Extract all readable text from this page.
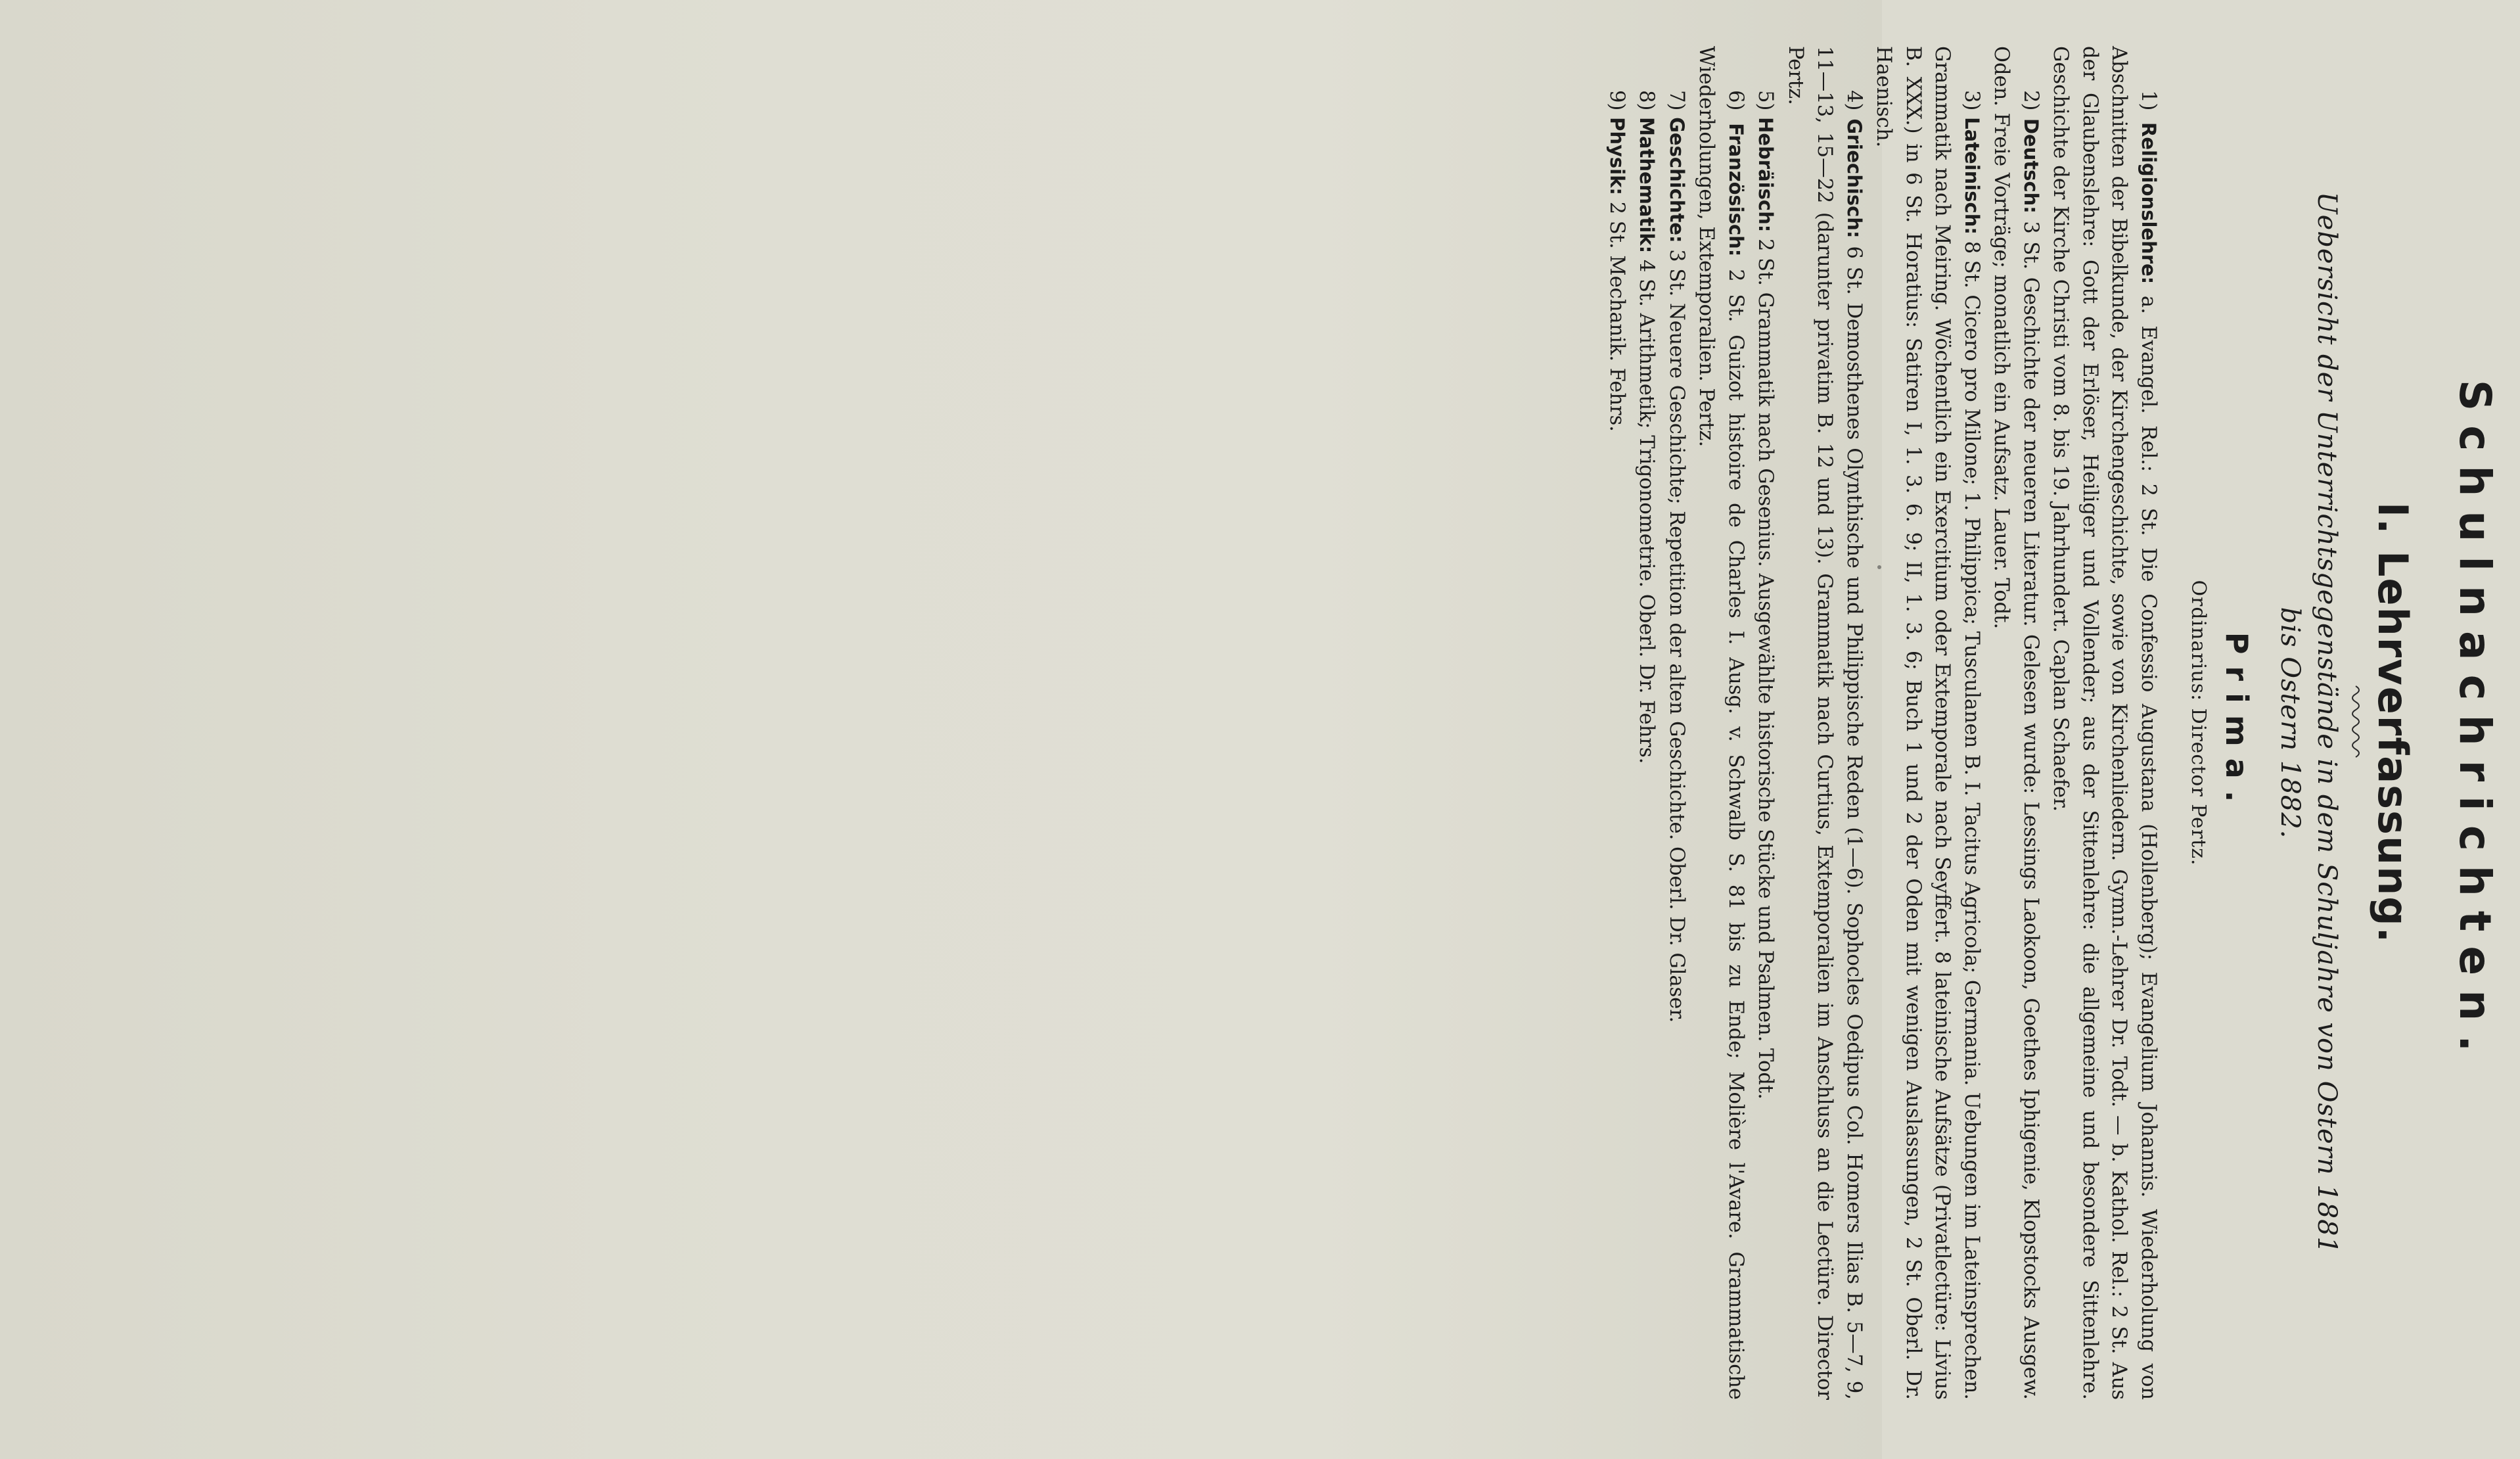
Schulnachrichten.
I. Lehrverfassung.
Uebersicht der Unterrichtsgegenstände in dem Schuljahre von Ostern 1881
bis Ostern 1882.
Prima.
Ordinarius: Director Pertz.

1) Religionslehre: a. Evangel. Rel.: 2 St. Die Confessio Augustana (Hollenberg); Evangelium Johannis. Wiederholung von Abschnitten der Bibelkunde, der Kirchengeschichte, sowie von Kirchenliedern. Gymn.-Lehrer Dr. Todt. — b. Kathol. Rel.: 2 St. Aus der Glaubenslehre: Gott der Erlöser, Heiliger und Vollender; aus der Sittenlehre: die allgemeine und besondere Sittenlehre. Geschichte der Kirche Christi vom 8. bis 19. Jahrhundert. Caplan Schaefer.

2) Deutsch: 3 St. Geschichte der neueren Literatur. Gelesen wurde: Lessings Laokoon, Goethes Iphigenie, Klopstocks Ausgew. Oden. Freie Vorträge; monatlich ein Aufsatz. Lauer. Todt.

3) Lateinisch: 8 St. Cicero pro Milone; 1. Philippica; Tusculanen B. I. Tacitus Agricola; Germania. Uebungen im Lateinsprechen. Grammatik nach Meiring. Wöchentlich ein Exercitium oder Extemporale nach Seyffert. 8 lateinische Aufsätze (Privatlectüre: Livius B. XXX.) in 6 St. Horatius: Satiren I, 1. 3. 6. 9; II, 1. 3. 6; Buch 1 und 2 der Oden mit wenigen Auslassungen, 2 St. Oberl. Dr. Haenisch.

4) Griechisch: 6 St. Demosthenes Olynthische und Philippische Reden (1—6). Sophocles Oedipus Col. Homers Ilias B. 5—7, 9, 11—13, 15—22 (darunter privatim B. 12 und 13). Grammatik nach Curtius, Extemporalien im Anschluss an die Lectüre. Director Pertz.

5) Hebräisch: 2 St. Grammatik nach Gesenius. Ausgewählte historische Stücke und Psalmen. Todt.

6) Französisch: 2 St. Guizot histoire de Charles I. Ausg. v. Schwalb S. 81 bis zu Ende; Molière l'Avare. Grammatische Wiederholungen, Extemporalien. Pertz.

7) Geschichte: 3 St. Neuere Geschichte; Repetition der alten Geschichte. Oberl. Dr. Glaser.

8) Mathematik: 4 St. Arithmetik; Trigonometrie. Oberl. Dr. Fehrs.

9) Physik: 2 St. Mechanik. Fehrs.
